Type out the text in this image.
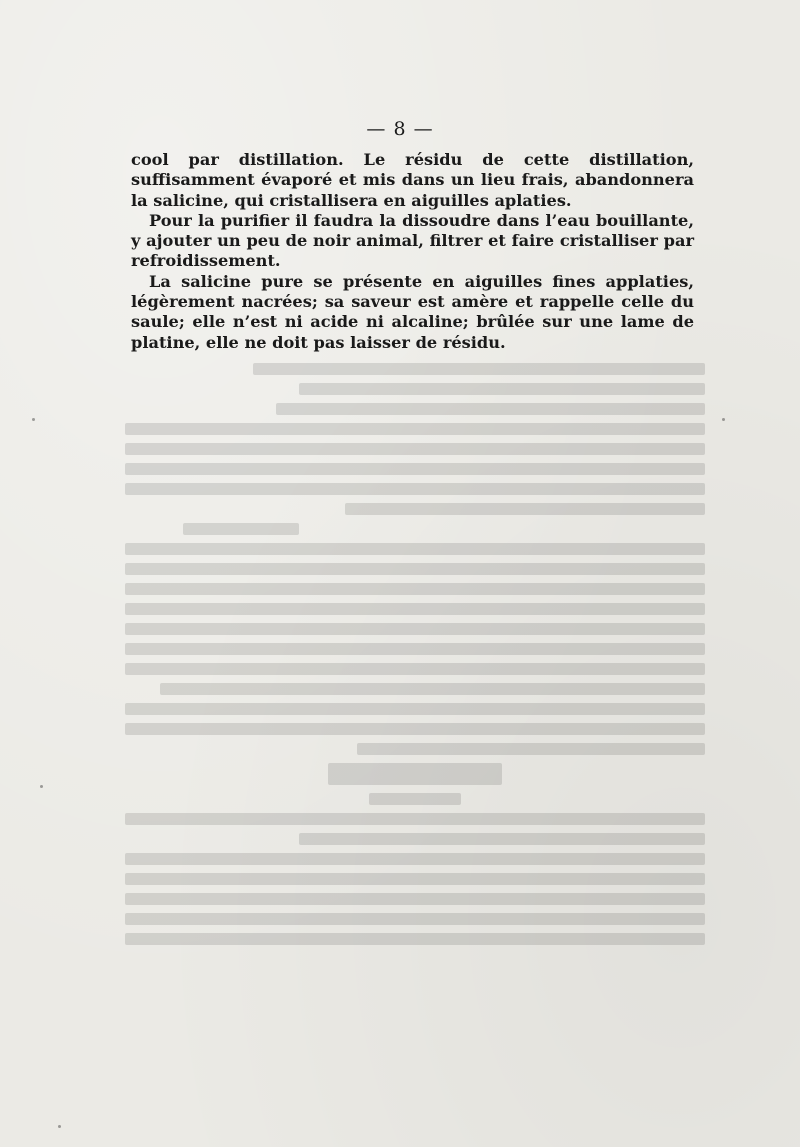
— 8 —

cool par distillation. Le résidu de cette distillation, suffisamment évaporé et mis dans un lieu frais, abandonnera la salicine, qui cristallisera en aiguilles aplaties.

Pour la purifier il faudra la dissoudre dans l’eau bouillante, y ajouter un peu de noir animal, filtrer et faire cristalliser par refroidissement.

La salicine pure se présente en aiguilles fines applaties, légèrement nacrées; sa saveur est amère et rappelle celle du saule; elle n’est ni acide ni alcaline; brûlée sur une lame de platine, elle ne doit pas laisser de résidu.
